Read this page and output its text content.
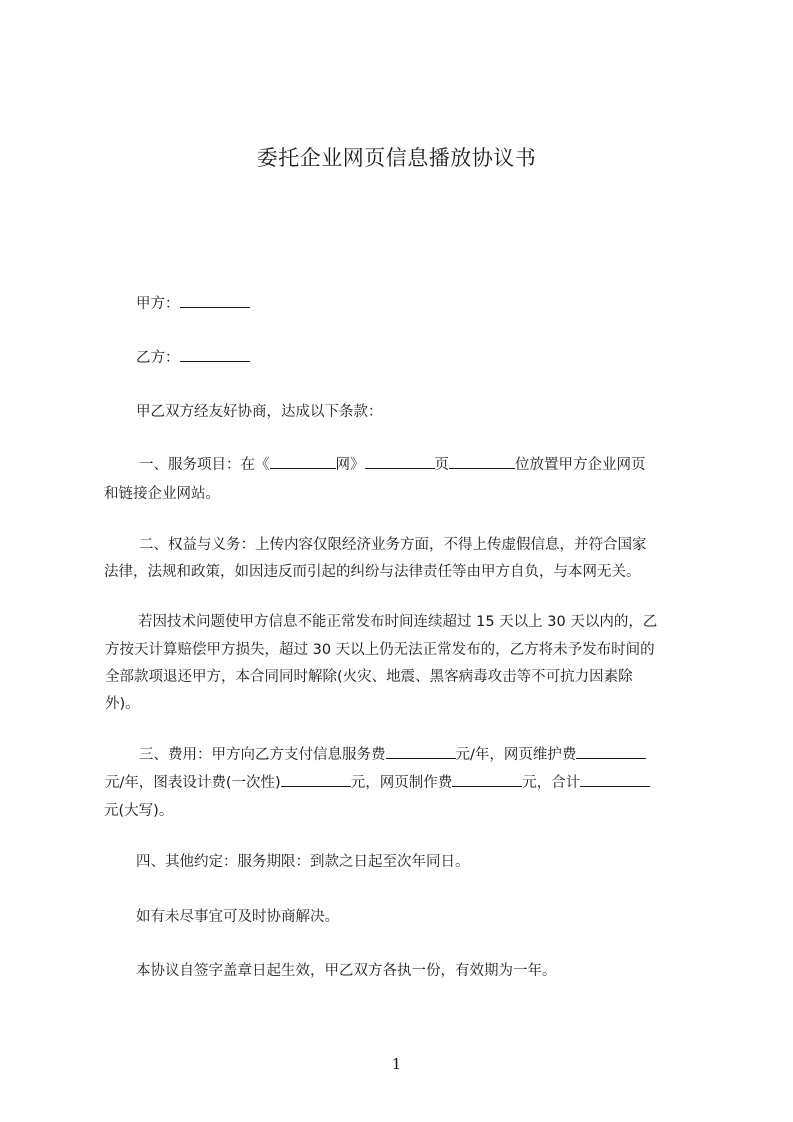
委托企业网页信息播放协议书
甲方：
乙方：
甲乙双方经友好协商，达成以下条款：
一、服务项目：在《	网》	页	位放置甲方企业网页
和链接企业网站。
二、权益与义务：上传内容仅限经济业务方面，不得上传虚假信息，并符合国家
法律，法规和政策，如因违反而引起的纠纷与法律责任等由甲方自负，与本网无关。
若因技术问题使甲方信息不能正常发布时间连续超过 15 天以上 30 天以内的，乙
方按天计算赔偿甲方损失，超过 30 天以上仍无法正常发布的，乙方将未予发布时间的
全部款项退还甲方，本合同同时解除(火灾、地震、黑客病毒攻击等不可抗力因素除
外)。
三、费用：甲方向乙方支付信息服务费	元/年，网页维护费
元/年，图表设计费(一次性)	元，网页制作费	元，合计
元(大写)。
四、其他约定：服务期限：到款之日起至次年同日。
如有未尽事宜可及时协商解决。
本协议自签字盖章日起生效，甲乙双方各执一份，有效期为一年。
1
